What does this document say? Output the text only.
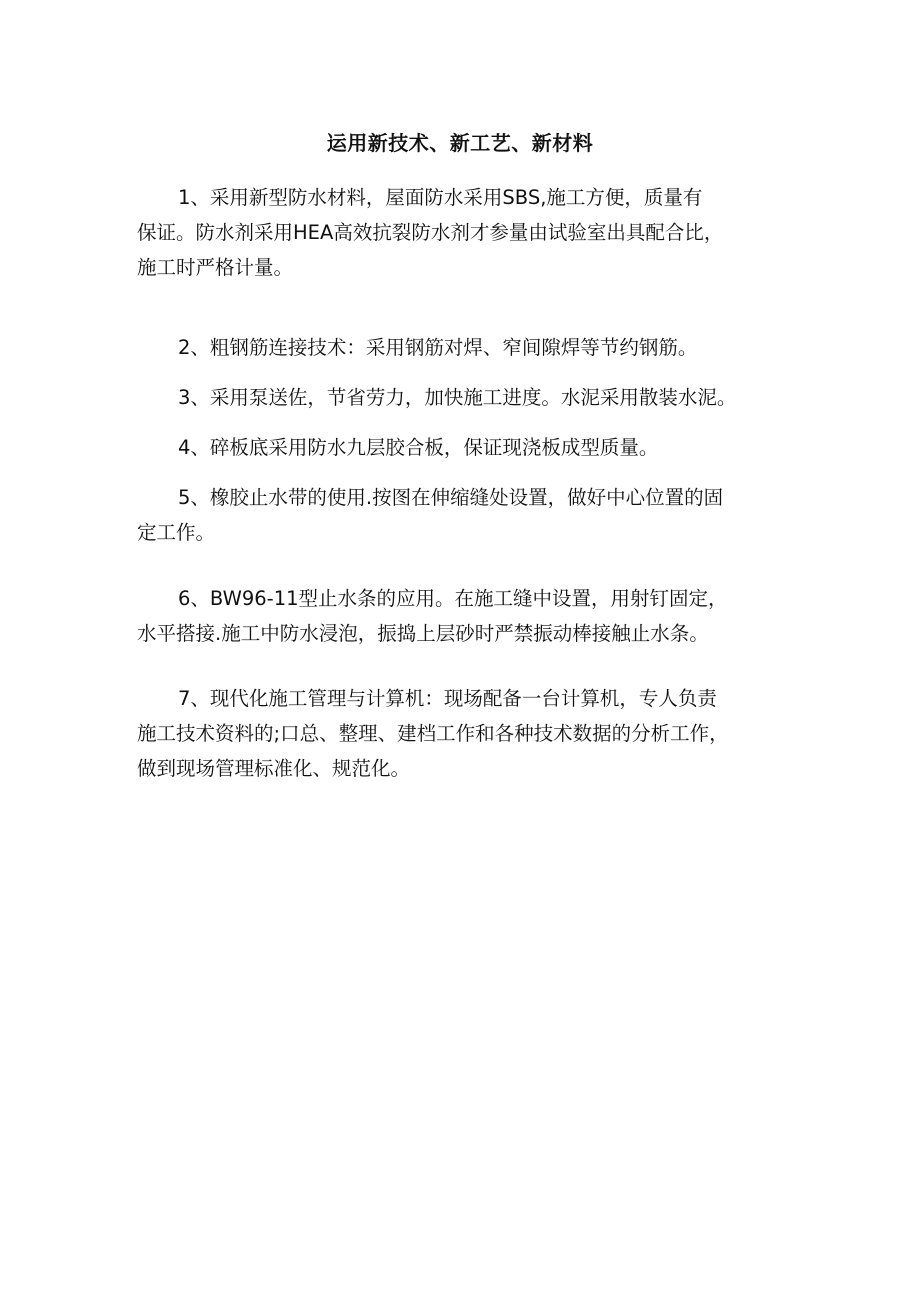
运用新技术、新工艺、新材料
1、采用新型防水材料，屋面防水采用SBS,施工方便，质量有
保证。防水剂采用HEA高效抗裂防水剂才参量由试验室出具配合比，
施工时严格计量。
2、粗钢筋连接技术：采用钢筋对焊、窄间隙焊等节约钢筋。
3、采用泵送佐，节省劳力，加快施工进度。水泥采用散装水泥。
4、碎板底采用防水九层胶合板，保证现浇板成型质量。
5、橡胶止水带的使用.按图在伸缩缝处设置，做好中心位置的固
定工作。
6、BW96-11型止水条的应用。在施工缝中设置，用射钉固定，
水平搭接.施工中防水浸泡，振捣上层砂时严禁振动棒接触止水条。
7、现代化施工管理与计算机：现场配备一台计算机，专人负责
施工技术资料的;口总、整理、建档工作和各种技术数据的分析工作，
做到现场管理标准化、规范化。
